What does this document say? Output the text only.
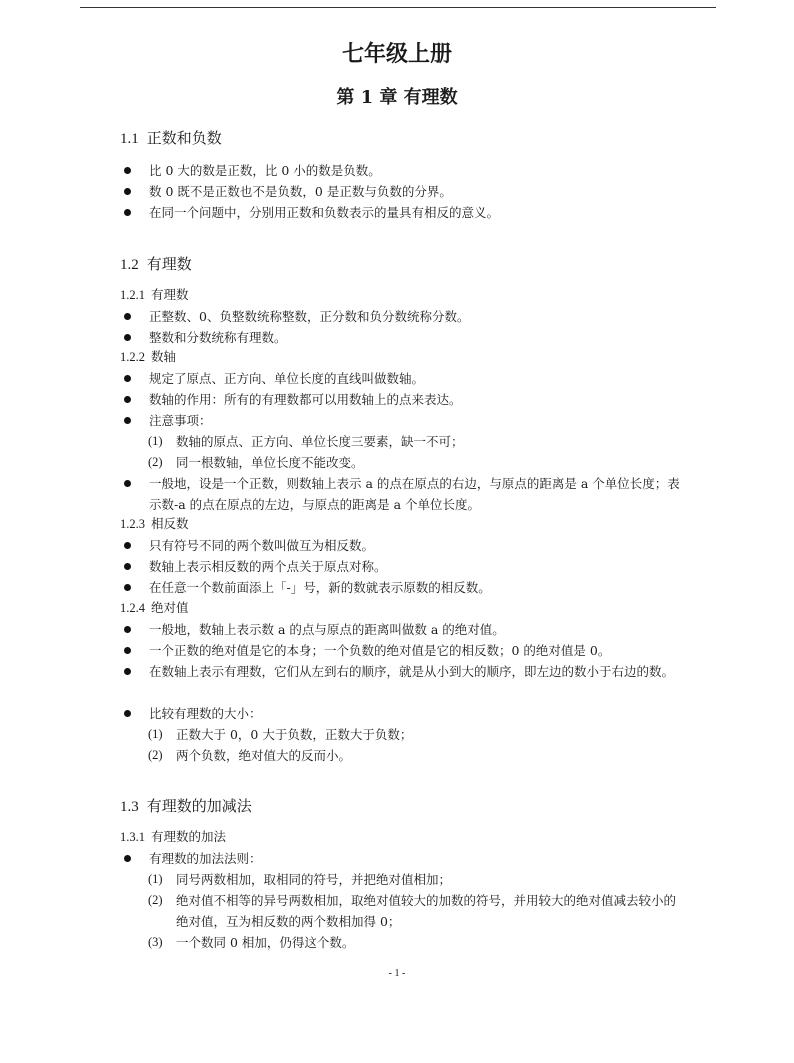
七年级上册
第 1 章 有理数
1.1 正数和负数
比 0 大的数是正数，比 0 小的数是负数。
数 0 既不是正数也不是负数，0 是正数与负数的分界。
在同一个问题中，分别用正数和负数表示的量具有相反的意义。
1.2 有理数
1.2.1 有理数
正整数、0、负整数统称整数，正分数和负分数统称分数。
整数和分数统称有理数。
1.2.2 数轴
规定了原点、正方向、单位长度的直线叫做数轴。
数轴的作用：所有的有理数都可以用数轴上的点来表达。
注意事项：
(1) 数轴的原点、正方向、单位长度三要素，缺一不可；
(2) 同一根数轴，单位长度不能改变。
一般地，设是一个正数，则数轴上表示 a 的点在原点的右边，与原点的距离是 a 个单位长度；表示数-a 的点在原点的左边，与原点的距离是 a 个单位长度。
1.2.3 相反数
只有符号不同的两个数叫做互为相反数。
数轴上表示相反数的两个点关于原点对称。
在任意一个数前面添上「-」号，新的数就表示原数的相反数。
1.2.4 绝对值
一般地，数轴上表示数 a 的点与原点的距离叫做数 a 的绝对值。
一个正数的绝对值是它的本身；一个负数的绝对值是它的相反数；0 的绝对值是 0。
在数轴上表示有理数，它们从左到右的顺序，就是从小到大的顺序，即左边的数小于右边的数。
比较有理数的大小：
(1) 正数大于 0，0 大于负数，正数大于负数；
(2) 两个负数，绝对值大的反而小。
1.3 有理数的加减法
1.3.1 有理数的加法
有理数的加法法则：
(1) 同号两数相加，取相同的符号，并把绝对值相加；
(2) 绝对值不相等的异号两数相加，取绝对值较大的加数的符号，并用较大的绝对值减去较小的绝对值，互为相反数的两个数相加得 0；
(3) 一个数同 0 相加，仍得这个数。
- 1 -
